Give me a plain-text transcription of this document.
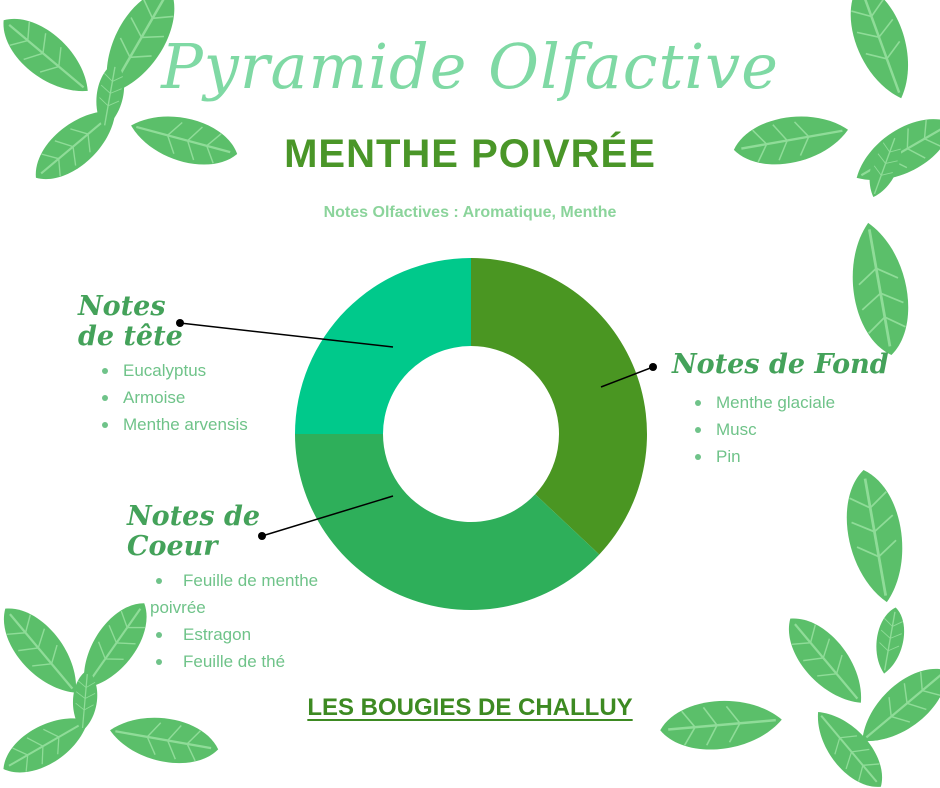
Pyramide Olfactive
MENTHE POIVRÉE
Notes Olfactives : Aromatique, Menthe
Notes
de tête
Eucalyptus
Armoise
Menthe arvensis
Notes de Fond
Menthe glaciale
Musc
Pin
Notes de
Coeur
Feuille de menthe
poivrée
Estragon
Feuille de thé
LES BOUGIES DE CHALLUY
